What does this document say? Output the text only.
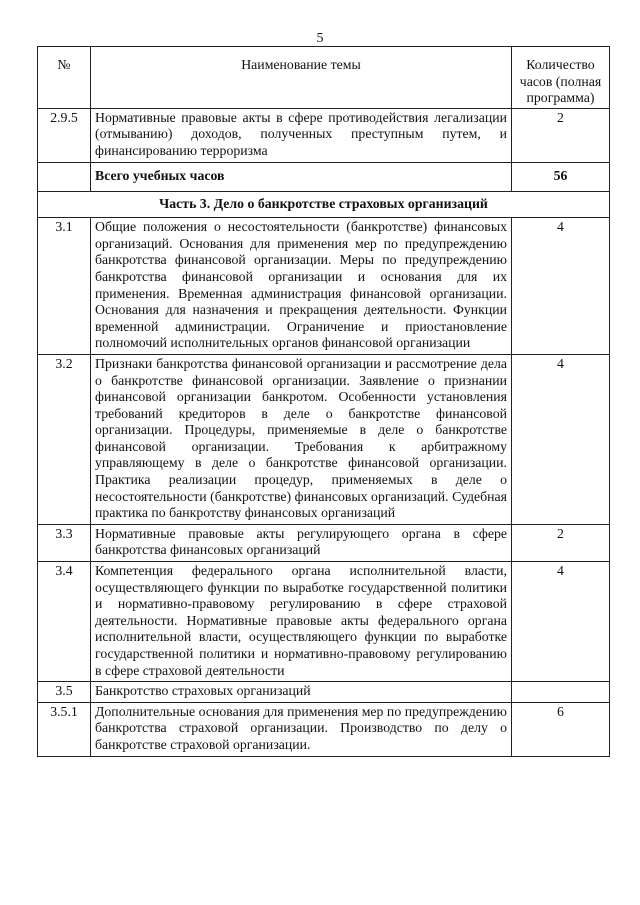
5
№	Наименование темы	Количество часов (полная программа)
2.9.5	Нормативные правовые акты в сфере противодействия легализации (отмыванию) доходов, полученных преступным путем, и финансированию терроризма	2
	Всего учебных часов	56
Часть 3. Дело о банкротстве страховых организаций		
3.1	Общие положения о несостоятельности (банкротстве) финансовых организаций. Основания для применения мер по предупреждению банкротства финансовой организации. Меры по предупреждению банкротства финансовой организации и основания для их применения. Временная администрация финансовой организации. Основания для назначения и прекращения деятельности. Функции временной администрации. Ограничение и приостановление полномочий исполнительных органов финансовой организации	4
3.2	Признаки банкротства финансовой организации и рассмотрение дела о банкротстве финансовой организации. Заявление о признании финансовой организации банкротом. Особенности установления требований кредиторов в деле о банкротстве финансовой организации. Процедуры, применяемые в деле о банкротстве финансовой организации. Требования к арбитражному управляющему в деле о банкротстве финансовой организации. Практика реализации процедур, применяемых в деле о несостоятельности (банкротстве) финансовых организаций. Судебная практика по банкротству финансовых организаций	4
3.3	Нормативные правовые акты регулирующего органа в сфере банкротства финансовых организаций	2
3.4	Компетенция федерального органа исполнительной власти, осуществляющего функции по выработке государственной политики и нормативно-правовому регулированию в сфере страховой деятельности. Нормативные правовые акты федерального органа исполнительной власти, осуществляющего функции по выработке государственной политики и нормативно-правовому регулированию в сфере страховой деятельности	4
3.5	Банкротство страховых организаций	
3.5.1	Дополнительные основания для применения мер по предупреждению банкротства страховой организации. Производство по делу о банкротстве страховой организации.	6
